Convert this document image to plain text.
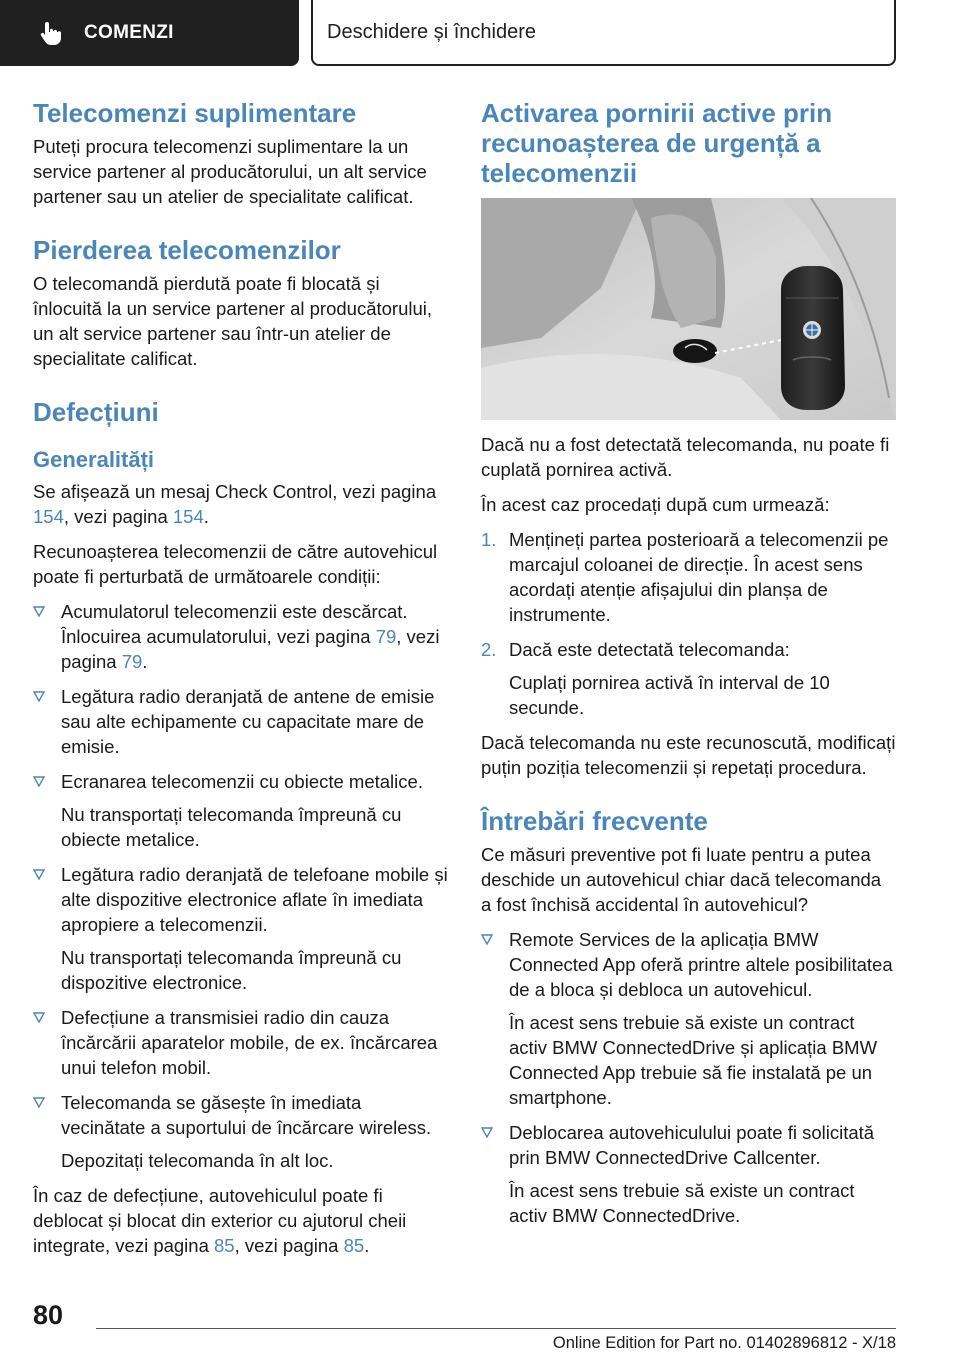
COMENZI	Deschidere și închidere
Telecomenzi suplimentare

Puteți procura telecomenzi suplimentare la un service partener al producătorului, un alt service partener sau un atelier de specialitate calificat.

Pierderea telecomenzilor

O telecomandă pierdută poate fi blocată și înlocuită la un service partener al producătorului, un alt service partener sau într-un atelier de specialitate calificat.

Defecțiuni
Generalități

Se afișează un mesaj Check Control, vezi pagina 154, vezi pagina 154.

Recunoașterea telecomenzii de către autovehicul poate fi perturbată de următoarele condiții:

Acumulatorul telecomenzii este descărcat. Înlocuirea acumulatorului, vezi pagina 79, vezi pagina 79.

Legătura radio deranjată de antene de emisie sau alte echipamente cu capacitate mare de emisie.

Ecranarea telecomenzii cu obiecte metalice.

Nu transportați telecomanda împreună cu obiecte metalice.

Legătura radio deranjată de telefoane mobile și alte dispozitive electronice aflate în imediata apropiere a telecomenzii.

Nu transportați telecomanda împreună cu dispozitive electronice.

Defecțiune a transmisiei radio din cauza încărcării aparatelor mobile, de ex. încărcarea unui telefon mobil.

Telecomanda se găsește în imediata vecinătate a suportului de încărcare wireless.

Depozitați telecomanda în alt loc.

În caz de defecțiune, autovehiculul poate fi deblocat și blocat din exterior cu ajutorul cheii integrate, vezi pagina 85, vezi pagina 85.

Activarea pornirii active prin recunoașterea de urgență a telecomenzii

Dacă nu a fost detectată telecomanda, nu poate fi cuplată pornirea activă.

În acest caz procedați după cum urmează:

1. Mențineți partea posterioară a telecomenzii pe marcajul coloanei de direcție. În acest sens acordați atenție afișajului din planșa de instrumente.

2. Dacă este detectată telecomanda:

Cuplați pornirea activă în interval de 10 secunde.

Dacă telecomanda nu este recunoscută, modificați puțin poziția telecomenzii și repetați procedura.

Întrebări frecvente

Ce măsuri preventive pot fi luate pentru a putea deschide un autovehicul chiar dacă telecomanda a fost închisă accidental în autovehicul?

Remote Services de la aplicația BMW Connected App oferă printre altele posibilitatea de a bloca și debloca un autovehicul.

În acest sens trebuie să existe un contract activ BMW ConnectedDrive și aplicația BMW Connected App trebuie să fie instalată pe un smartphone.

Deblocarea autovehiculului poate fi solicitată prin BMW ConnectedDrive Callcenter.

În acest sens trebuie să existe un contract activ BMW ConnectedDrive.

80
Online Edition for Part no. 01402896812 - X/18
